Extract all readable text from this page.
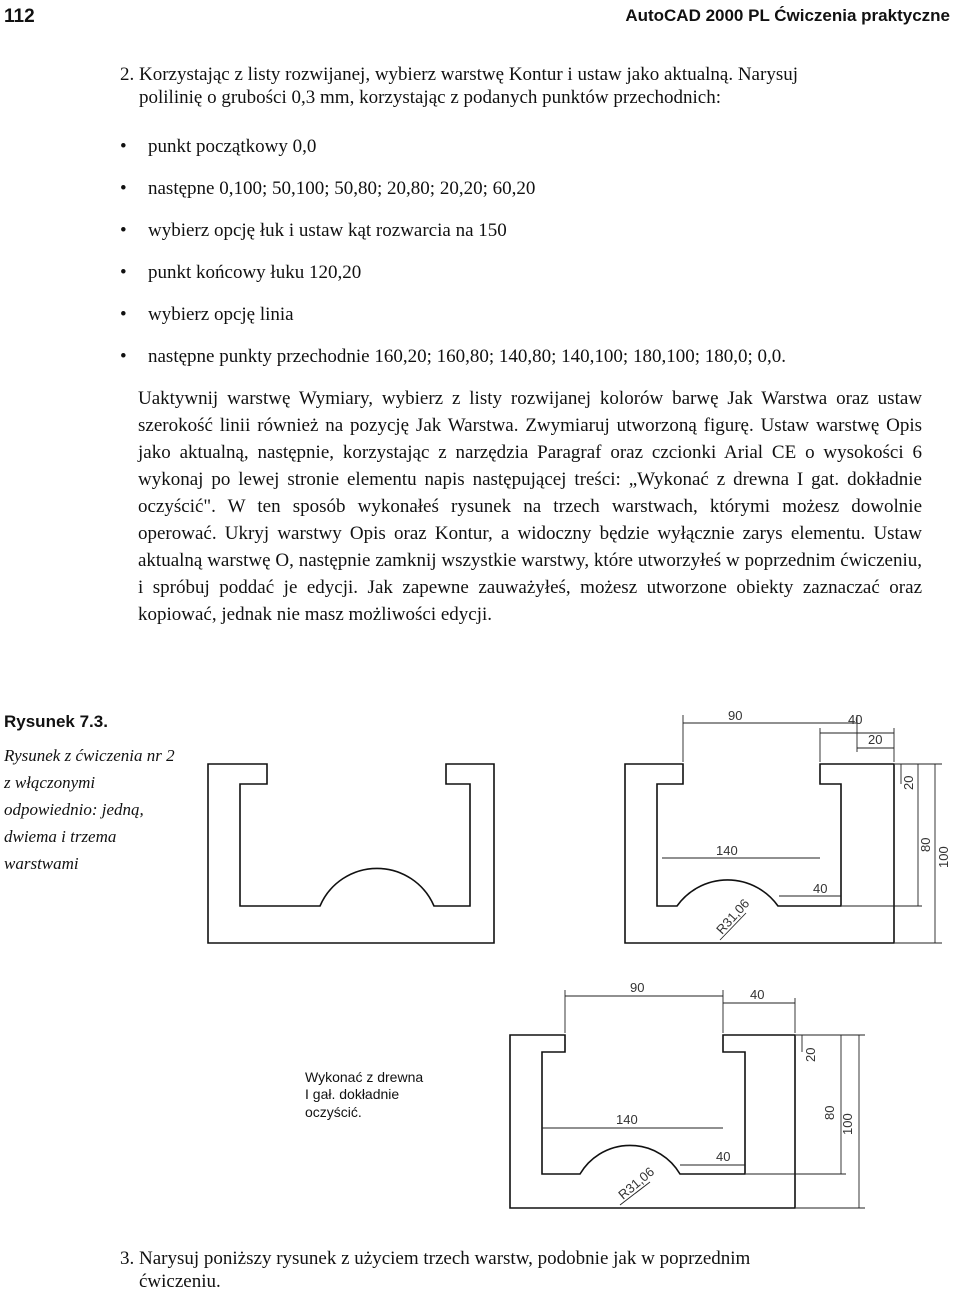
112	AutoCAD 2000 PL Ćwiczenia praktyczne
2. Korzystając z listy rozwijanej, wybierz warstwę Kontur i ustaw jako aktualną. Narysuj
polilinię o grubości 0,3 mm, korzystając z podanych punktów przechodnich:
• punkt początkowy 0,0
• następne 0,100; 50,100; 50,80; 20,80; 20,20; 60,20
• wybierz opcję łuk i ustaw kąt rozwarcia na 150
• punkt końcowy łuku 120,20
• wybierz opcję linia
• następne punkty przechodnie 160,20; 160,80; 140,80; 140,100; 180,100; 180,0; 0,0.
Uaktywnij warstwę Wymiary, wybierz z listy rozwijanej kolorów barwę Jak Warstwa oraz ustaw szerokość linii również na pozycję Jak Warstwa. Zwymiaruj utworzoną figurę. Ustaw warstwę Opis jako aktualną, następnie, korzystając z narzędzia Paragraf oraz czcionki Arial CE o wysokości 6 wykonaj po lewej stronie elementu napis następującej treści: „Wykonać z drewna I gat. dokładnie oczyścić". W ten sposób wykonałeś rysunek na trzech warstwach, którymi możesz dowolnie operować. Ukryj warstwy Opis oraz Kontur, a widoczny będzie wyłącznie zarys elementu. Ustaw aktualną warstwę O, następnie zamknij wszystkie warstwy, które utworzyłeś w poprzednim ćwiczeniu, i spróbuj poddać je edycji. Jak zapewne zauważyłeś, możesz utworzone obiekty zaznaczać oraz kopiować, jednak nie masz możliwości edycji.
Rysunek 7.3.
Rysunek z ćwiczenia nr 2 z włączonymi odpowiednio: jedną, dwiema i trzema warstwami
90	40
20
140
40
20
80
100
R31,06
90	40
140
40
20
80
100
R31,06
Wykonać z drewna
I gał. dokładnie
oczyścić.
3. Narysuj poniższy rysunek z użyciem trzech warstw, podobnie jak w poprzednim
ćwiczeniu.
